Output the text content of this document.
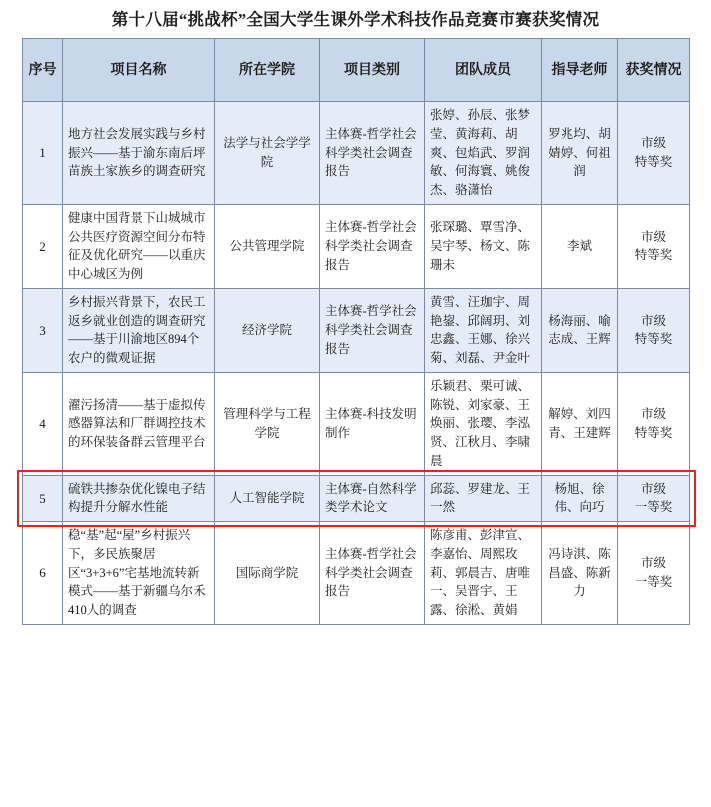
第十八届“挑战杯”全国大学生课外学术科技作品竞赛市赛获奖情况
序号	项目名称	所在学院	项目类别	团队成员	指导老师	获奖情况
1	地方社会发展实践与乡村振兴——基于渝东南后坪苗族土家族乡的调查研究	法学与社会学学院	主体赛-哲学社会科学类社会调查报告	张婷、孙辰、张梦莹、黄海莉、胡爽、包焰武、罗润敏、何海寰、姚俊杰、骆潇怡	罗兆均、胡婧婷、何祖润	市级
特等奖

2	健康中国背景下山城城市公共医疗资源空间分布特征及优化研究——以重庆中心城区为例	公共管理学院	主体赛-哲学社会科学类社会调查报告	张琛璐、覃雪净、吴宇琴、杨文、陈珊未	李斌	市级
特等奖

3	乡村振兴背景下，农民工返乡就业创造的调查研究——基于川渝地区894个农户的微观证据	经济学院	主体赛-哲学社会科学类社会调查报告	黄雪、汪珈宇、周艳鋆、邱阔玥、刘忠鑫、王娜、徐兴菊、刘磊、尹金叶	杨海丽、喻志成、王辉	市级
特等奖

4	濯污扬清——基于虚拟传感器算法和厂群调控技术的环保装备群云管理平台	管理科学与工程学院	主体赛-科技发明制作	乐颖君、栗可诚、陈锐、刘家豪、王焕丽、张璎、李泓贤、江秋月、李啸晨	解婷、刘四青、王建辉	市级
特等奖

5	硫铁共掺杂优化镍电子结构提升分解水性能	人工智能学院	主体赛-自然科学类学术论文	邱蕊、罗建龙、王一然	杨旭、徐伟、向巧	市级
一等奖

6	稳“基”起“屋”乡村振兴下，多民族聚居区“3+3+6”宅基地流转新模式——基于新疆乌尔禾410人的调查	国际商学院	主体赛-哲学社会科学类社会调查报告	陈彦甫、彭津宣、李嘉怡、周熙玫莉、郭晨吉、唐唯一、吴晋宇、王露、徐淞、黄娟	冯诗淇、陈昌盛、陈新力	市级
一等奖
